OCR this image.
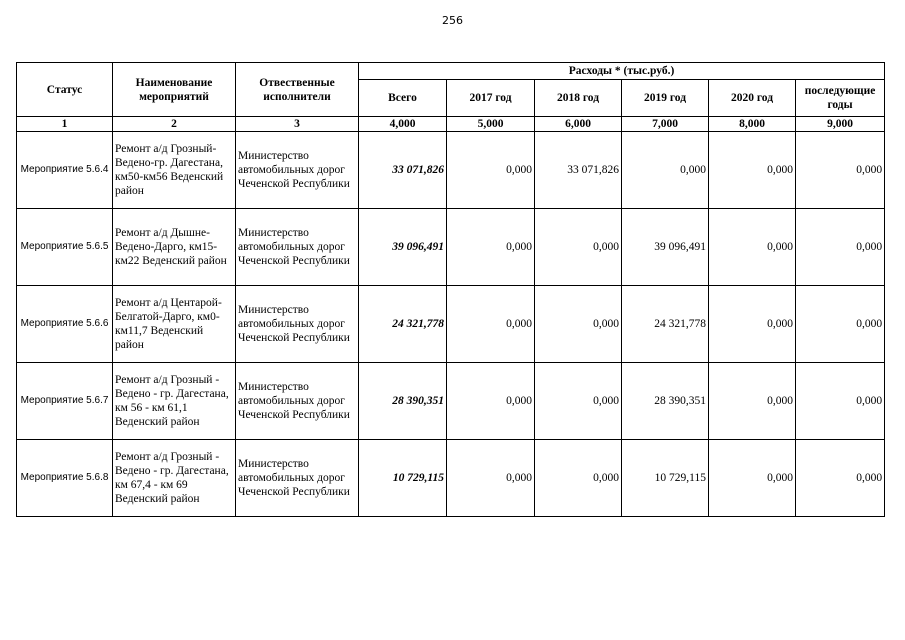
256
Статус	Наименование мероприятий	Отвественные исполнители	Расходы * (тыс.руб.)					
			Всего	2017 год	2018 год	2019 год	2020 год	последующие годы
1	2	3	4,000	5,000	6,000	7,000	8,000	9,000
Мероприятие 5.6.4	Ремонт а/д Грозный-Ведено-гр. Дагестана, км50-км56 Веденский район	Министерство автомобильных дорог Чеченской Республики	33 071,826	0,000	33 071,826	0,000	0,000	0,000
Мероприятие 5.6.5	Ремонт а/д Дышне-Ведено-Дарго, км15-км22 Веденский район	Министерство автомобильных дорог Чеченской Республики	39 096,491	0,000	0,000	39 096,491	0,000	0,000
Мероприятие 5.6.6	Ремонт а/д Центарой-Белгатой-Дарго, км0-км11,7 Веденский район	Министерство автомобильных дорог Чеченской Республики	24 321,778	0,000	0,000	24 321,778	0,000	0,000
Мероприятие 5.6.7	Ремонт а/д Грозный - Ведено - гр. Дагестана, км 56 - км 61,1 Веденский район	Министерство автомобильных дорог Чеченской Республики	28 390,351	0,000	0,000	28 390,351	0,000	0,000
Мероприятие 5.6.8	Ремонт а/д Грозный - Ведено - гр. Дагестана, км 67,4 - км 69 Веденский район	Министерство автомобильных дорог Чеченской Республики	10 729,115	0,000	0,000	10 729,115	0,000	0,000
